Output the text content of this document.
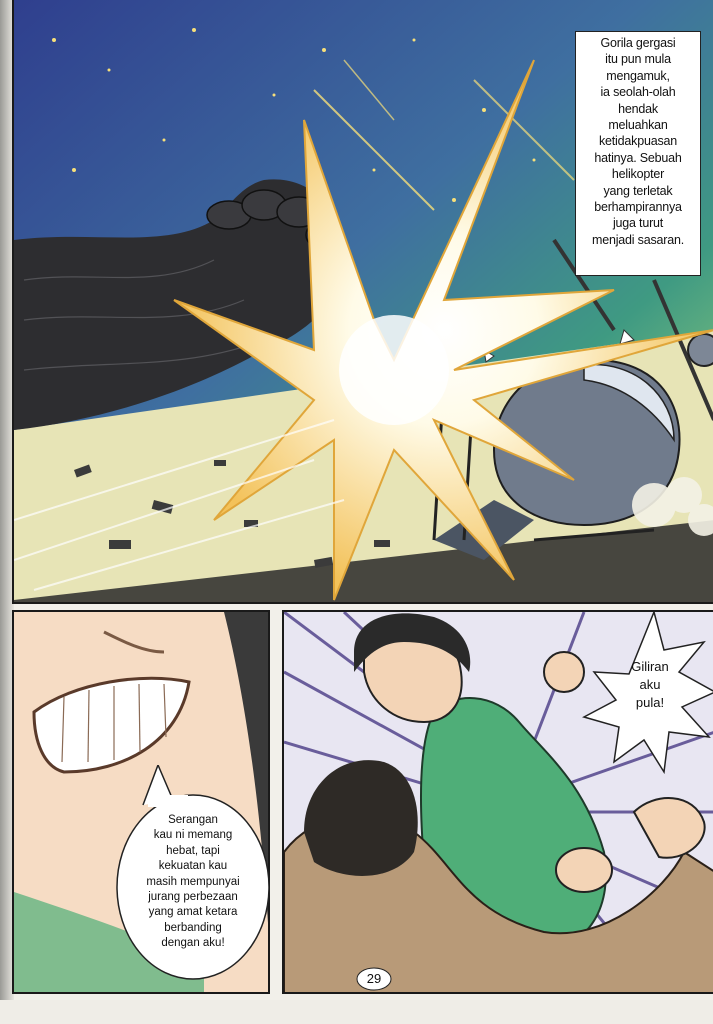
Gorila gergasi
itu pun mula
mengamuk,
ia seolah-olah
hendak
meluahkan
ketidakpuasan
hatinya. Sebuah
helikopter
yang terletak
berhampirannya
juga turut
menjadi sasaran.
Serangan
kau ni memang
hebat, tapi
kekuatan kau
masih mempunyai
jurang perbezaan
yang amat ketara
berbanding
dengan aku!
Giliran
aku
pula!
29
